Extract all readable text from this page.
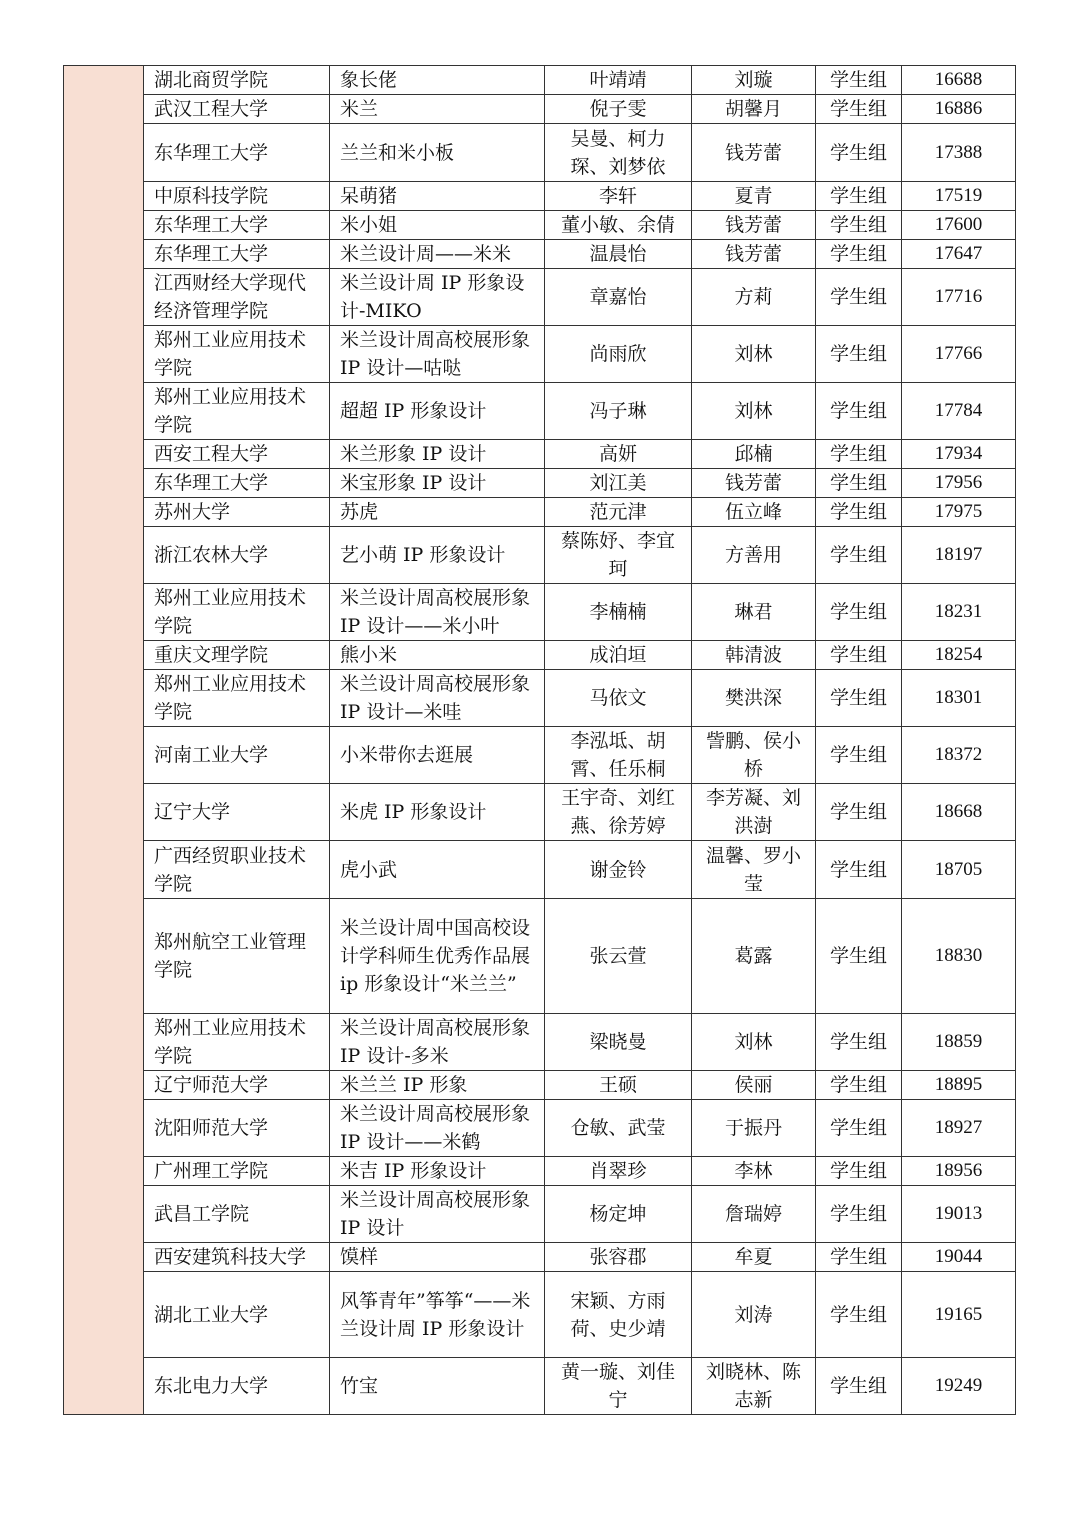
	湖北商贸学院	象长佬	叶靖靖	刘璇	学生组	16688
	武汉工程大学	米兰	倪子雯	胡馨月	学生组	16886
	东华理工大学	兰兰和米小板	吴曼、柯力琛、刘梦依	钱芳蕾	学生组	17388
	中原科技学院	呆萌猪	李轩	夏青	学生组	17519
	东华理工大学	米小姐	董小敏、余倩	钱芳蕾	学生组	17600
	东华理工大学	米兰设计周——米米	温晨怡	钱芳蕾	学生组	17647
	江西财经大学现代经济管理学院	米兰设计周 IP 形象设计-MIKO	章嘉怡	方莉	学生组	17716
	郑州工业应用技术学院	米兰设计周高校展形象 IP 设计—咕哒	尚雨欣	刘林	学生组	17766
	郑州工业应用技术学院	超超 IP 形象设计	冯子琳	刘林	学生组	17784
	西安工程大学	米兰形象 IP 设计	高妍	邱楠	学生组	17934
	东华理工大学	米宝形象 IP 设计	刘江美	钱芳蕾	学生组	17956
	苏州大学	苏虎	范元津	伍立峰	学生组	17975
	浙江农林大学	艺小萌 IP 形象设计	蔡陈妤、李宜珂	方善用	学生组	18197
	郑州工业应用技术学院	米兰设计周高校展形象 IP 设计——米小叶	李楠楠	琳君	学生组	18231
	重庆文理学院	熊小米	成泊垣	韩清波	学生组	18254
	郑州工业应用技术学院	米兰设计周高校展形象 IP 设计—米哇	马依文	樊洪深	学生组	18301
	河南工业大学	小米带你去逛展	李泓坻、胡霄、任乐桐	訾鹏、侯小桥	学生组	18372
	辽宁大学	米虎 IP 形象设计	王宇奇、刘红燕、徐芳婷	李芳凝、刘洪澍	学生组	18668
	广西经贸职业技术学院	虎小武	谢金铃	温馨、罗小莹	学生组	18705
	郑州航空工业管理学院	米兰设计周中国高校设计学科师生优秀作品展 ip 形象设计“米兰兰”	张云萱	葛露	学生组	18830
	郑州工业应用技术学院	米兰设计周高校展形象 IP 设计-多米	梁晓曼	刘林	学生组	18859
	辽宁师范大学	米兰兰 IP 形象	王硕	侯丽	学生组	18895
	沈阳师范大学	米兰设计周高校展形象 IP 设计——米鹤	仓敏、武莹	于振丹	学生组	18927
	广州理工学院	米吉 IP 形象设计	肖翠珍	李林	学生组	18956
	武昌工学院	米兰设计周高校展形象 IP 设计	杨定坤	詹瑞婷	学生组	19013
	西安建筑科技大学	馍样	张容郡	牟夏	学生组	19044
	湖北工业大学	风筝青年”筝筝“——米兰设计周 IP 形象设计	宋颖、方雨荷、史少靖	刘涛	学生组	19165
	东北电力大学	竹宝	黄一璇、刘佳宁	刘晓林、陈志新	学生组	19249
